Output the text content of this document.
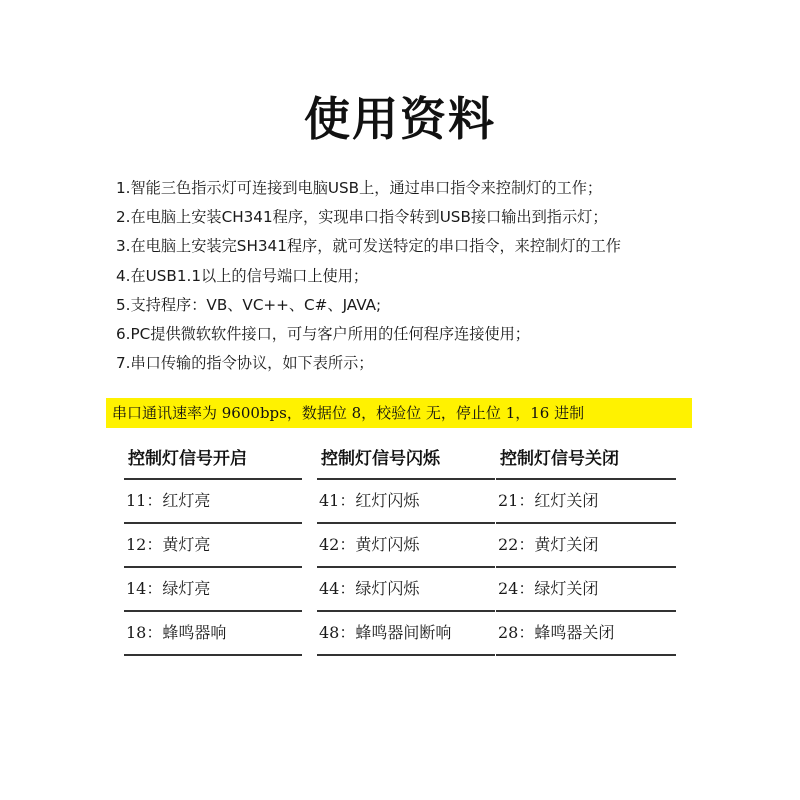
使用资料
1.智能三色指示灯可连接到电脑USB上，通过串口指令来控制灯的工作；
2.在电脑上安装CH341程序，实现串口指令转到USB接口输出到指示灯；
3.在电脑上安装完SH341程序，就可发送特定的串口指令，来控制灯的工作
4.在USB1.1以上的信号端口上使用；
5.支持程序：VB、VC++、C#、JAVA;
6.PC提供微软软件接口，可与客户所用的任何程序连接使用；
7.串口传输的指令协议，如下表所示；
串口通讯速率为 9600bps，数据位 8，校验位 无，停止位 1，16 进制
控制灯信号开启
11：红灯亮
12：黄灯亮
14：绿灯亮
18：蜂鸣器响
控制灯信号闪烁
41：红灯闪烁
42：黄灯闪烁
44：绿灯闪烁
48：蜂鸣器间断响
控制灯信号关闭
21：红灯关闭
22：黄灯关闭
24：绿灯关闭
28：蜂鸣器关闭
